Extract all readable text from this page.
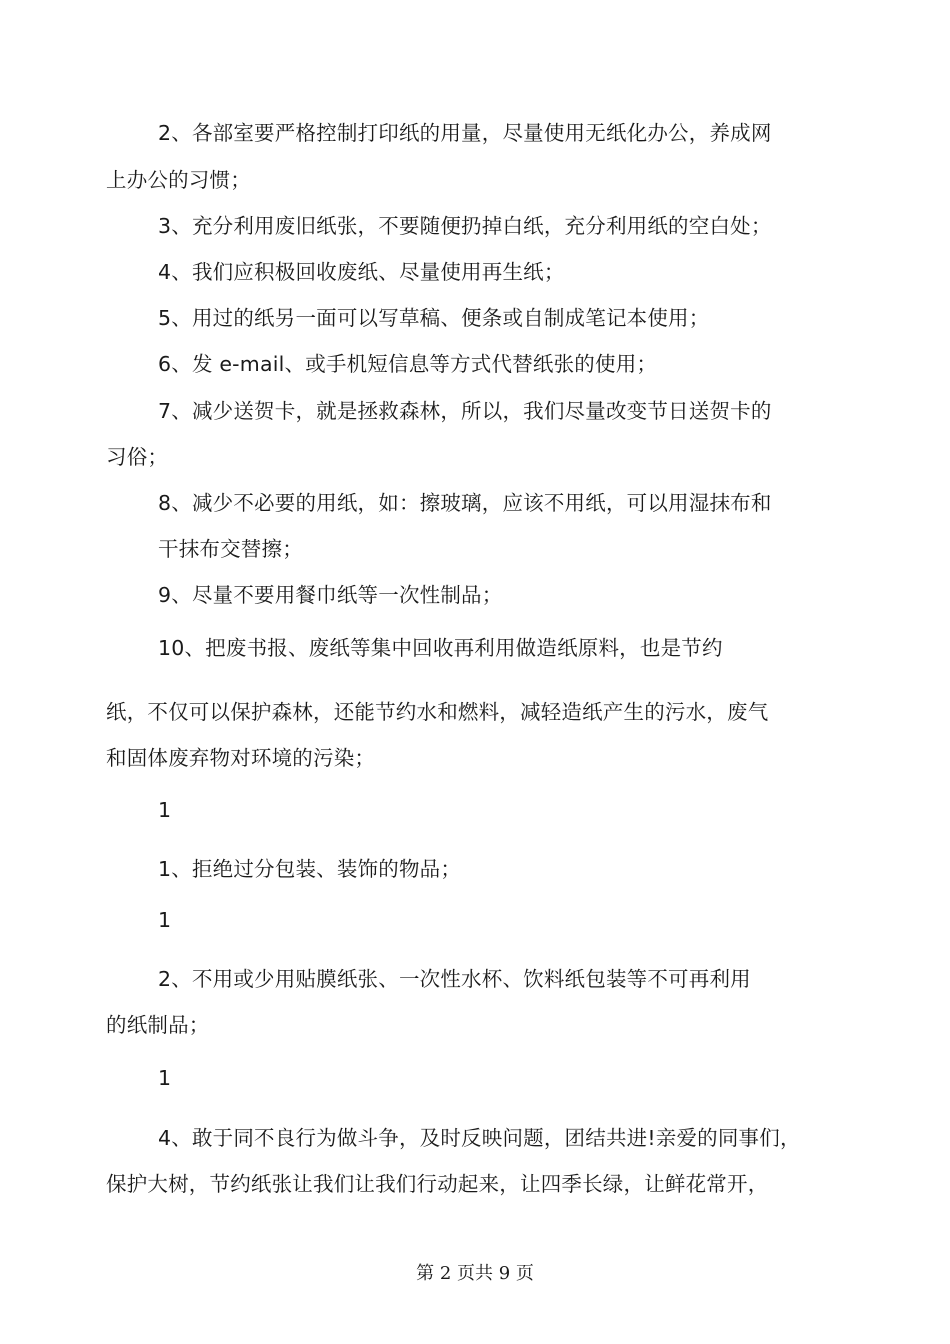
2、各部室要严格控制打印纸的用量，尽量使用无纸化办公，养成网
上办公的习惯；
3、充分利用废旧纸张，不要随便扔掉白纸，充分利用纸的空白处；
4、我们应积极回收废纸、尽量使用再生纸；
5、用过的纸另一面可以写草稿、便条或自制成笔记本使用；
6、发 e-mail、或手机短信息等方式代替纸张的使用；
7、减少送贺卡，就是拯救森林，所以，我们尽量改变节日送贺卡的
习俗；
8、减少不必要的用纸，如：擦玻璃，应该不用纸，可以用湿抹布和
干抹布交替擦；
9、尽量不要用餐巾纸等一次性制品；
10、把废书报、废纸等集中回收再利用做造纸原料，也是节约
纸，不仅可以保护森林，还能节约水和燃料，减轻造纸产生的污水，废气
和固体废弃物对环境的污染；
1
1、拒绝过分包装、装饰的物品；
1
2、不用或少用贴膜纸张、一次性水杯、饮料纸包装等不可再利用
的纸制品；
1
4、敢于同不良行为做斗争，及时反映问题，团结共进!亲爱的同事们，
保护大树，节约纸张让我们让我们行动起来，让四季长绿，让鲜花常开，
第 2 页共 9 页
